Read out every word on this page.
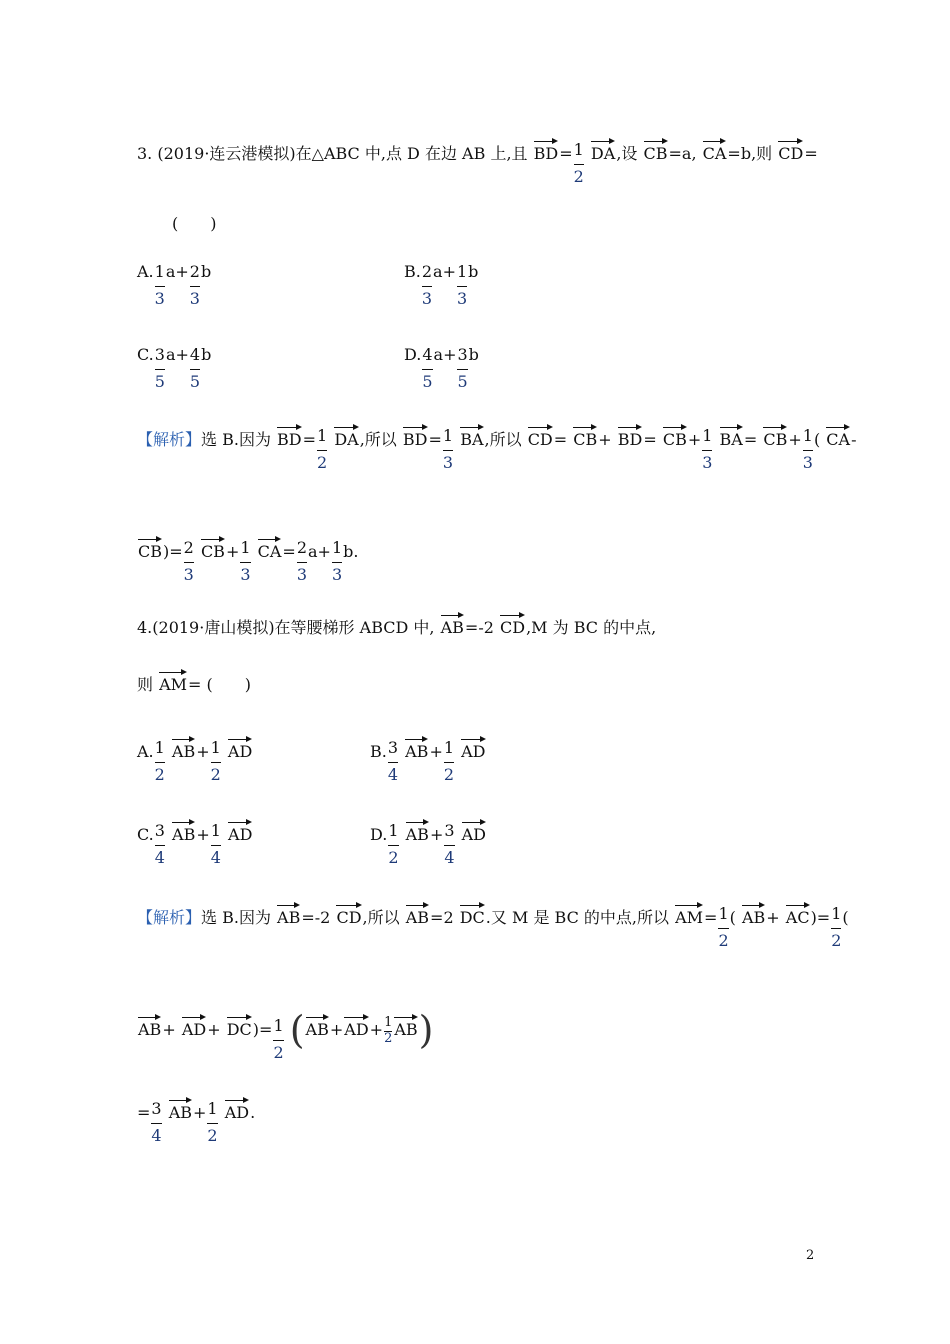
3. (2019·连云港模拟)在△ABC 中,点 D 在边 AB 上,且 $BD= \frac{1}{2}$ DA,设 CB=a, CA=b,则 CD=
(　　)
A. $\frac{1}{3} a+ \frac{2}{3}$ b	B. $\frac{2}{3} a+ \frac{1}{3}$ b
C. $\frac{3}{5} a+ \frac{4}{5}$ b	D. $\frac{4}{5} a+ \frac{3}{5}$ b
【解析】选 B.因为 $BD= \frac{1}{2}$ DA,所以 $BD= \frac{1}{3}$ BA,所以 $CD= CB+ BD= CB+ \frac{1}{3} BA= CB+ \frac{1}{3}$ ( CA-
$CB)= \frac{2}{3} CB+ \frac{1}{3} CA= \frac{2}{3} a+ \frac{1}{3} b$.
4.(2019·唐山模拟)在等腰梯形 ABCD 中, AB=-2 CD,M 为 BC 的中点,
则 AM= (　　)
A. $\frac{1}{2} AB+ \frac{1}{2}$ AD	B. $\frac{3}{4} AB+ \frac{1}{2}$ AD
C. $\frac{3}{4} AB+ \frac{1}{4}$ AD	D. $\frac{1}{2} AB+ \frac{3}{4}$ AD
【解析】选 B.因为 AB=-2 CD,所以 AB=2 DC.又 M 是 BC 的中点,所以 $AM= \frac{1}{2}$ ( $AB+ AC)= \frac{1}{2}$ (
$AB+ AD+ DC)= \frac{1}{2} (AB+AD+ \frac{1}{2} AB)$
= $\frac{3}{4} AB+ \frac{1}{2}$ AD.
2
